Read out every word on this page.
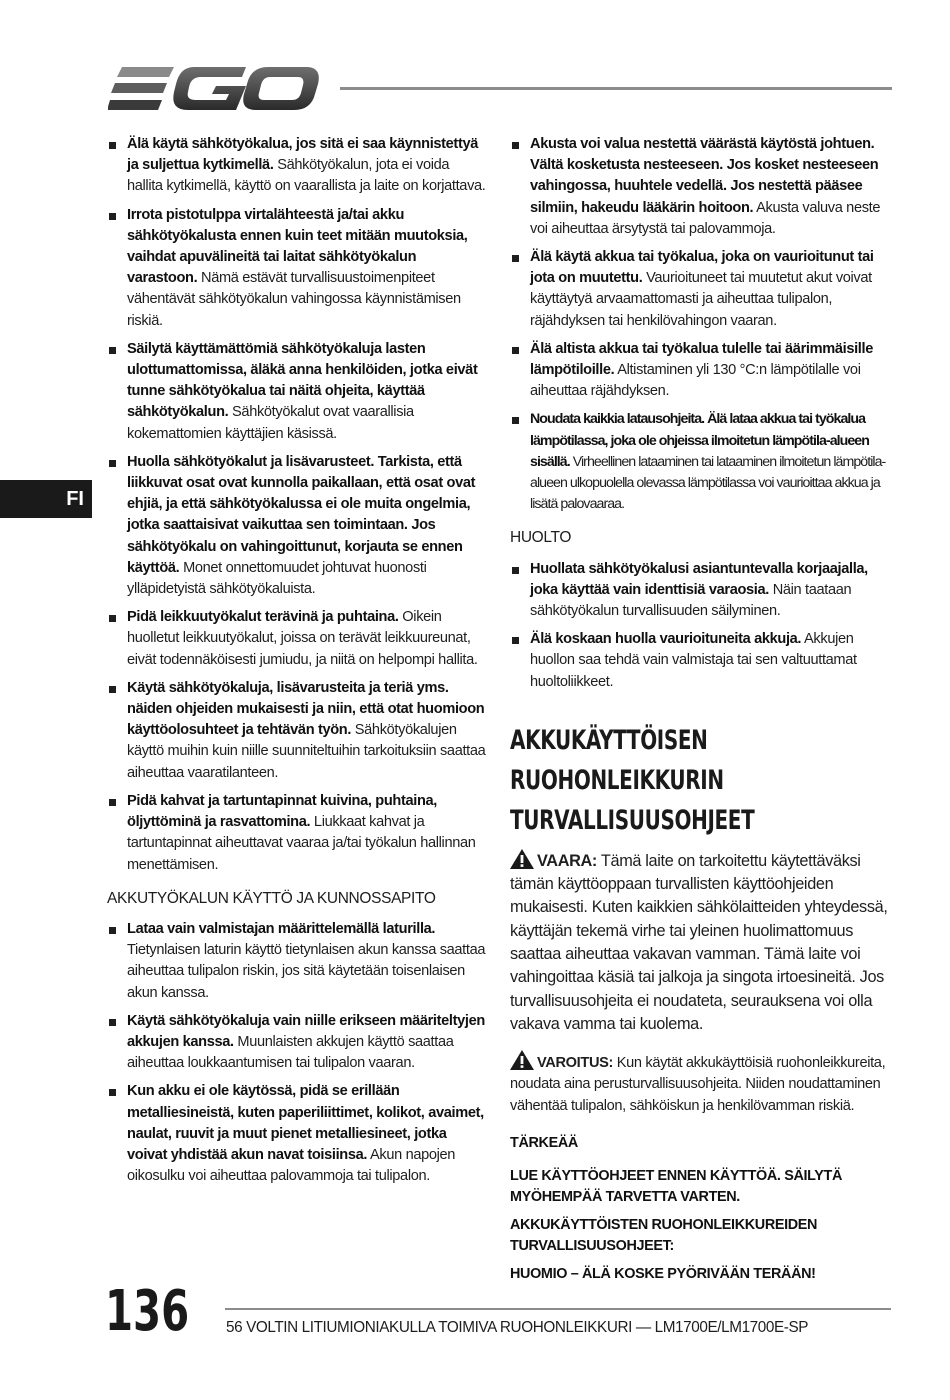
FI
Älä käytä sähkötyökalua, jos sitä ei saa käynnistettyä ja suljettua kytkimellä. Sähkötyökalun, jota ei voida hallita kytkimellä, käyttö on vaarallista ja laite on korjattava.
Irrota pistotulppa virtalähteestä ja/tai akku sähkötyökalusta ennen kuin teet mitään muutoksia, vaihdat apuvälineitä tai laitat sähkötyökalun varastoon. Nämä estävät turvallisuustoimenpiteet vähentävät sähkötyökalun vahingossa käynnistämisen riskiä.
Säilytä käyttämättömiä sähkötyökaluja lasten ulottumattomissa, äläkä anna henkilöiden, jotka eivät tunne sähkötyökalua tai näitä ohjeita, käyttää sähkötyökalun. Sähkötyökalut ovat vaarallisia kokemattomien käyttäjien käsissä.
Huolla sähkötyökalut ja lisävarusteet. Tarkista, että liikkuvat osat ovat kunnolla paikallaan, että osat ovat ehjiä, ja että sähkötyökalussa ei ole muita ongelmia, jotka saattaisivat vaikuttaa sen toimintaan. Jos sähkötyökalu on vahingoittunut, korjauta se ennen käyttöä. Monet onnettomuudet johtuvat huonosti ylläpidetyistä sähkötyökaluista.
Pidä leikkuutyökalut terävinä ja puhtaina. Oikein huolletut leikkuutyökalut, joissa on terävät leikkuureunat, eivät todennäköisesti jumiudu, ja niitä on helpompi hallita.
Käytä sähkötyökaluja, lisävarusteita ja teriä yms. näiden ohjeiden mukaisesti ja niin, että otat huomioon käyttöolosuhteet ja tehtävän työn. Sähkötyökalujen käyttö muihin kuin niille suunniteltuihin tarkoituksiin saattaa aiheuttaa vaaratilanteen.
Pidä kahvat ja tartuntapinnat kuivina, puhtaina, öljyttöminä ja rasvattomina. Liukkaat kahvat ja tartuntapinnat aiheuttavat vaaraa ja/tai työkalun hallinnan menettämisen.
AKKUTYÖKALUN KÄYTTÖ JA KUNNOSSAPITO
Lataa vain valmistajan määrittelemällä laturilla. Tietynlaisen laturin käyttö tietynlaisen akun kanssa saattaa aiheuttaa tulipalon riskin, jos sitä käytetään toisenlaisen akun kanssa.
Käytä sähkötyökaluja vain niille erikseen määriteltyjen akkujen kanssa. Muunlaisten akkujen käyttö saattaa aiheuttaa loukkaantumisen tai tulipalon vaaran.
Kun akku ei ole käytössä, pidä se erillään metalliesineistä, kuten paperiliittimet, kolikot, avaimet, naulat, ruuvit ja muut pienet metalliesineet, jotka voivat yhdistää akun navat toisiinsa. Akun napojen oikosulku voi aiheuttaa palovammoja tai tulipalon.
Akusta voi valua nestettä väärästä käytöstä johtuen. Vältä kosketusta nesteeseen. Jos kosket nesteeseen vahingossa, huuhtele vedellä. Jos nestettä pääsee silmiin, hakeudu lääkärin hoitoon. Akusta valuva neste voi aiheuttaa ärsytystä tai palovammoja.
Älä käytä akkua tai työkalua, joka on vaurioitunut tai jota on muutettu. Vaurioituneet tai muutetut akut voivat käyttäytyä arvaamattomasti ja aiheuttaa tulipalon, räjähdyksen tai henkilövahingon vaaran.
Älä altista akkua tai työkalua tulelle tai äärimmäisille lämpötiloille. Altistaminen yli 130 °C:n lämpötilalle voi aiheuttaa räjähdyksen.
Noudata kaikkia latausohjeita. Älä lataa akkua tai työkalua lämpötilassa, joka ole ohjeissa ilmoitetun lämpötila-alueen sisällä. Virheellinen lataaminen tai lataaminen ilmoitetun lämpötila-alueen ulkopuolella olevassa lämpötilassa voi vaurioittaa akkua ja lisätä palovaaraa.
HUOLTO
Huollata sähkötyökalusi asiantuntevalla korjaajalla, joka käyttää vain identtisiä varaosia. Näin taataan sähkötyökalun turvallisuuden säilyminen.
Älä koskaan huolla vaurioituneita akkuja. Akkujen huollon saa tehdä vain valmistaja tai sen valtuuttamat huoltoliikkeet.
AKKUKÄYTTÖISEN RUOHONLEIKKURIN
TURVALLISUUSOHJEET
VAARA: Tämä laite on tarkoitettu käytettäväksi tämän käyttöoppaan turvallisten käyttöohjeiden mukaisesti. Kuten kaikkien sähkölaitteiden yhteydessä, käyttäjän tekemä virhe tai yleinen huolimattomuus saattaa aiheuttaa vakavan vamman. Tämä laite voi vahingoittaa käsiä tai jalkoja ja singota irtoesineitä. Jos turvallisuusohjeita ei noudateta, seurauksena voi olla vakava vamma tai kuolema.
VAROITUS: Kun käytät akkukäyttöisiä ruohonleikkureita, noudata aina perusturvallisuusohjeita. Niiden noudattaminen vähentää tulipalon, sähköiskun ja henkilövamman riskiä.
TÄRKEÄÄ
LUE KÄYTTÖOHJEET ENNEN KÄYTTÖÄ. SÄILYTÄ MYÖHEMPÄÄ TARVETTA VARTEN.
AKKUKÄYTTÖISTEN RUOHONLEIKKUREIDEN TURVALLISUUSOHJEET:
HUOMIO – ÄLÄ KOSKE PYÖRIVÄÄN TERÄÄN!
136 56 VOLTIN LITIUMIONIAKULLA TOIMIVA RUOHONLEIKKURI — LM1700E/LM1700E-SP
